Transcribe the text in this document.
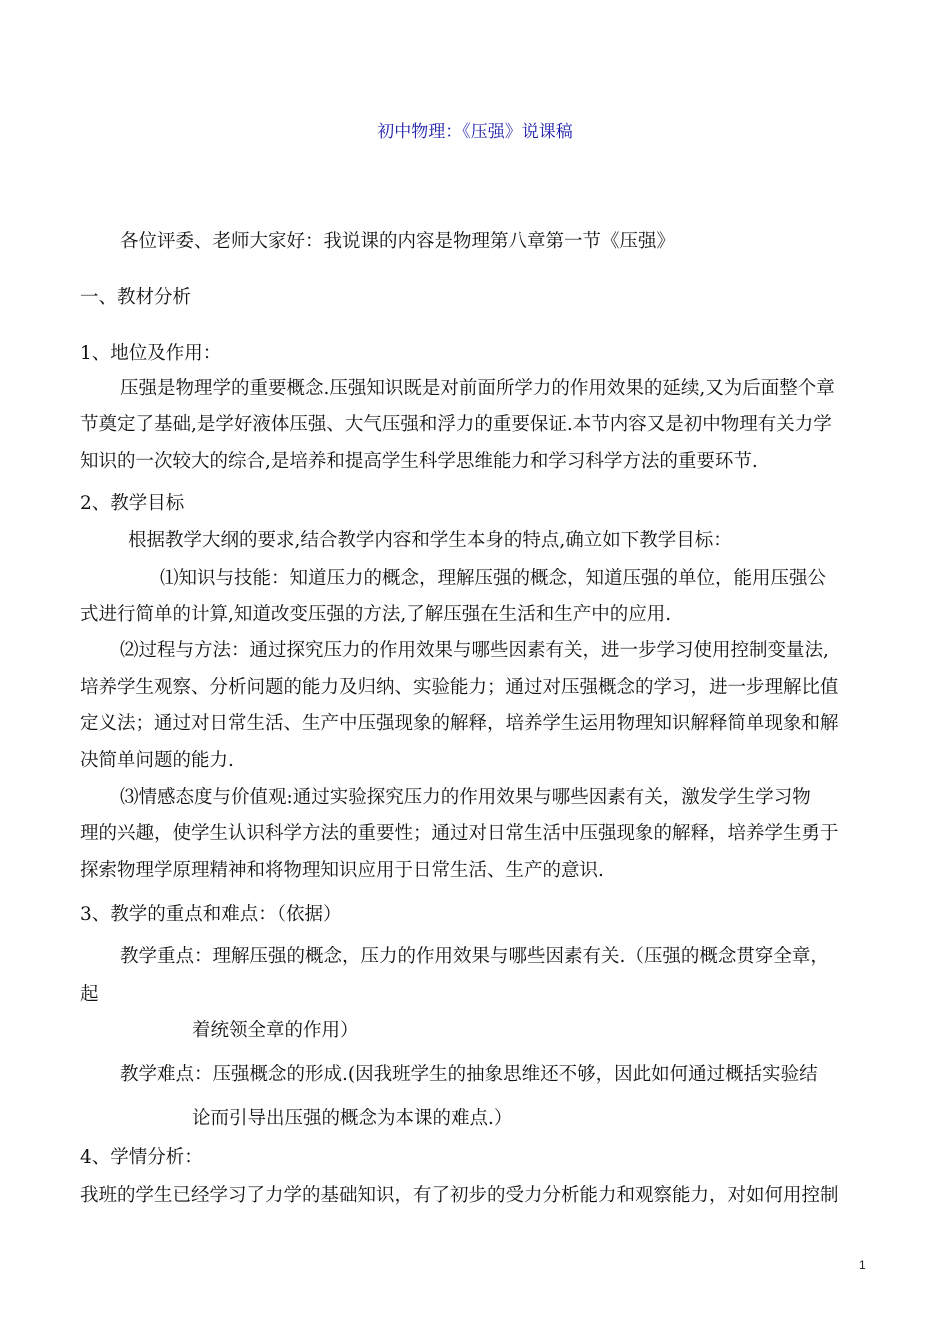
初中物理：《压强》说课稿
各位评委、老师大家好：我说课的内容是物理第八章第一节《压强》
一、教材分析
1、地位及作用：
压强是物理学的重要概念.压强知识既是对前面所学力的作用效果的延续,又为后面整个章
节奠定了基础,是学好液体压强、大气压强和浮力的重要保证.本节内容又是初中物理有关力学
知识的一次较大的综合,是培养和提高学生科学思维能力和学习科学方法的重要环节.
2、教学目标
根据教学大纲的要求,结合教学内容和学生本身的特点,确立如下教学目标：
⑴知识与技能：知道压力的概念，理解压强的概念，知道压强的单位，能用压强公
式进行简单的计算,知道改变压强的方法,了解压强在生活和生产中的应用.
⑵过程与方法：通过探究压力的作用效果与哪些因素有关，进一步学习使用控制变量法,
培养学生观察、分析问题的能力及归纳、实验能力；通过对压强概念的学习，进一步理解比值
定义法；通过对日常生活、生产中压强现象的解释，培养学生运用物理知识解释简单现象和解
决简单问题的能力.
⑶情感态度与价值观:通过实验探究压力的作用效果与哪些因素有关，激发学生学习物
理的兴趣，使学生认识科学方法的重要性；通过对日常生活中压强现象的解释，培养学生勇于
探索物理学原理精神和将物理知识应用于日常生活、生产的意识.
3、教学的重点和难点：（依据）
教学重点：理解压强的概念，压力的作用效果与哪些因素有关.（压强的概念贯穿全章，
起
着统领全章的作用）
教学难点：压强概念的形成.(因我班学生的抽象思维还不够，因此如何通过概括实验结
论而引导出压强的概念为本课的难点.）
4、学情分析：
我班的学生已经学习了力学的基础知识，有了初步的受力分析能力和观察能力，对如何用控制
1
